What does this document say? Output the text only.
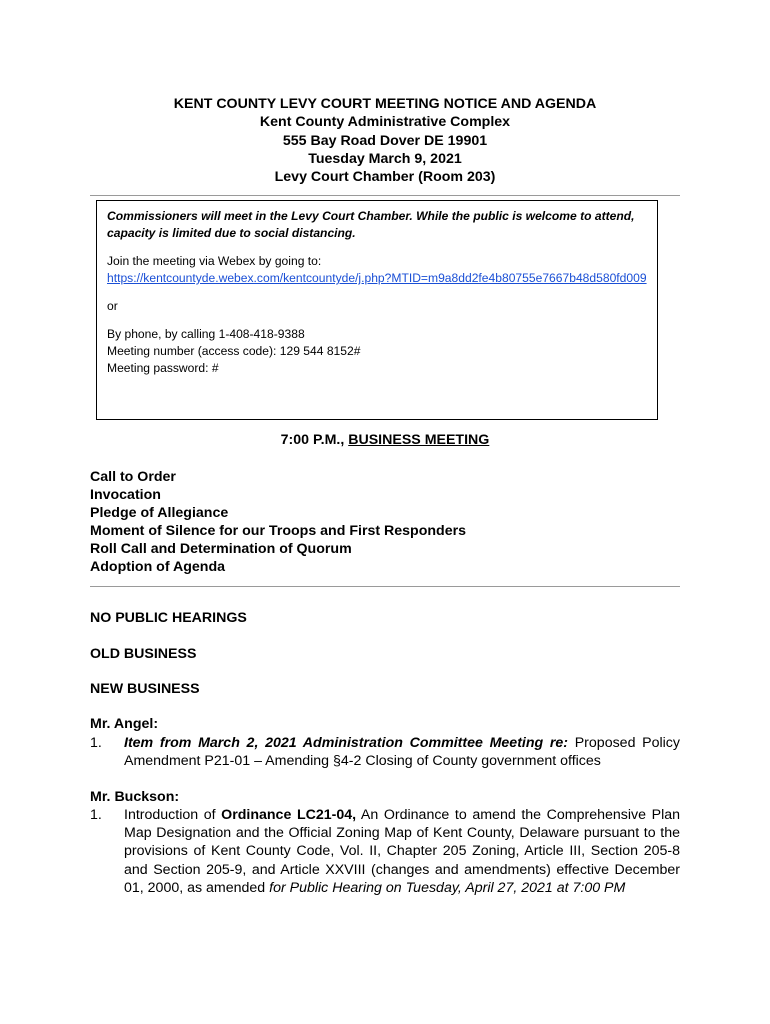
KENT COUNTY LEVY COURT MEETING NOTICE AND AGENDA
Kent County Administrative Complex
555 Bay Road Dover DE 19901
Tuesday March 9, 2021
Levy Court Chamber (Room 203)

Commissioners will meet in the Levy Court Chamber. While the public is welcome to attend, capacity is limited due to social distancing.

Join the meeting via Webex by going to:

https://kentcountyde.webex.com/kentcountyde/j.php?MTID=m9a8dd2fe4b80755e7667b48d580fd009

or

By phone, by calling 1-408-418-9388

Meeting number (access code): 129 544 8152#

Meeting password: #

7:00 P.M., BUSINESS MEETING
Call to Order
Invocation
Pledge of Allegiance
Moment of Silence for our Troops and First Responders
Roll Call and Determination of Quorum
Adoption of Agenda
NO PUBLIC HEARINGS
OLD BUSINESS
NEW BUSINESS
Mr. Angel:
1. Item from March 2, 2021 Administration Committee Meeting re: Proposed Policy Amendment P21-01 – Amending §4-2 Closing of County government offices
Mr. Buckson:
1. Introduction of Ordinance LC21-04, An Ordinance to amend the Comprehensive Plan Map Designation and the Official Zoning Map of Kent County, Delaware pursuant to the provisions of Kent County Code, Vol. II, Chapter 205 Zoning, Article III, Section 205-8 and Section 205-9, and Article XXVIII (changes and amendments) effective December 01, 2000, as amended for Public Hearing on Tuesday, April 27, 2021 at 7:00 PM
